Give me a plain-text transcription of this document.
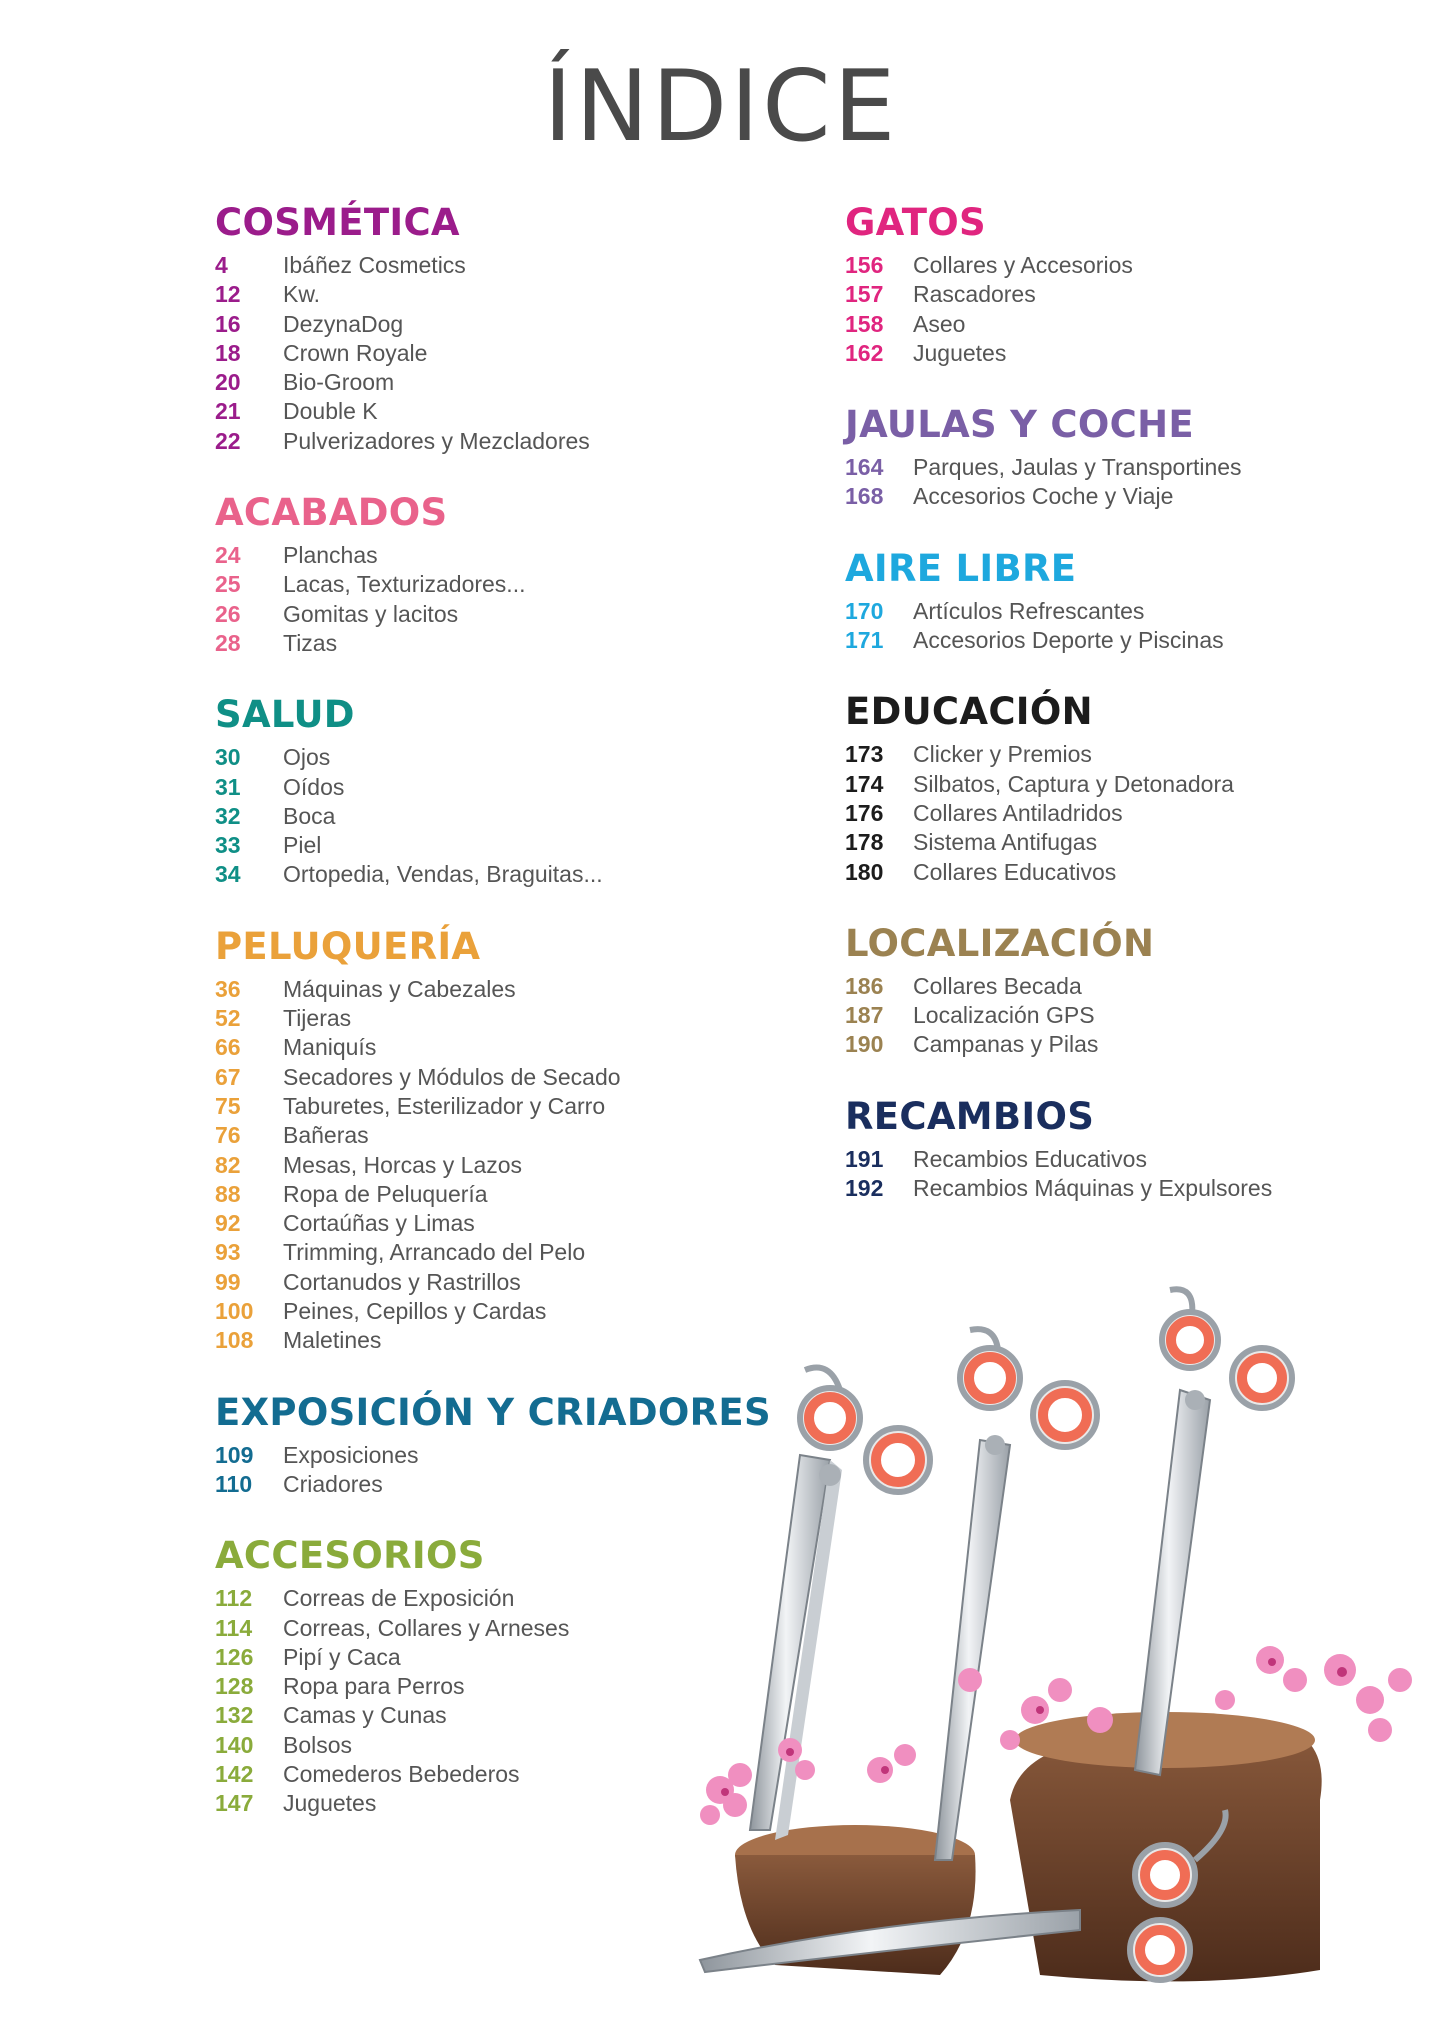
ÍNDICE
COSMÉTICA
4	Ibáñez Cosmetics
12	Kw.
16	DezynaDog
18	Crown Royale
20	Bio-Groom
21	Double K
22	Pulverizadores y Mezcladores
ACABADOS
24	Planchas
25	Lacas, Texturizadores...
26	Gomitas y lacitos
28	Tizas
SALUD
30	Ojos
31	Oídos
32	Boca
33	Piel
34	Ortopedia, Vendas, Braguitas...
PELUQUERÍA
36	Máquinas y Cabezales
52	Tijeras
66	Maniquís
67	Secadores y Módulos de Secado
75	Taburetes, Esterilizador y Carro
76	Bañeras
82	Mesas, Horcas y Lazos
88	Ropa de Peluquería
92	Cortaúñas y Limas
93	Trimming, Arrancado del Pelo
99	Cortanudos y Rastrillos
100	Peines, Cepillos y Cardas
108	Maletines
EXPOSICIÓN Y CRIADORES
109	Exposiciones
110	Criadores
ACCESORIOS
112	Correas de Exposición
114	Correas, Collares y Arneses
126	Pipí y Caca
128	Ropa para Perros
132	Camas y Cunas
140	Bolsos
142	Comederos Bebederos
147	Juguetes
GATOS
156	Collares y Accesorios
157	Rascadores
158	Aseo
162	Juguetes
JAULAS Y COCHE
164	Parques, Jaulas y Transportines
168	Accesorios Coche y Viaje
AIRE LIBRE
170	Artículos Refrescantes
171	Accesorios Deporte y Piscinas
EDUCACIÓN
173	Clicker y Premios
174	Silbatos, Captura y Detonadora
176	Collares Antiladridos
178	Sistema Antifugas
180	Collares Educativos
LOCALIZACIÓN
186	Collares Becada
187	Localización GPS
190	Campanas y Pilas
RECAMBIOS
191	Recambios Educativos
192	Recambios Máquinas y Expulsores
